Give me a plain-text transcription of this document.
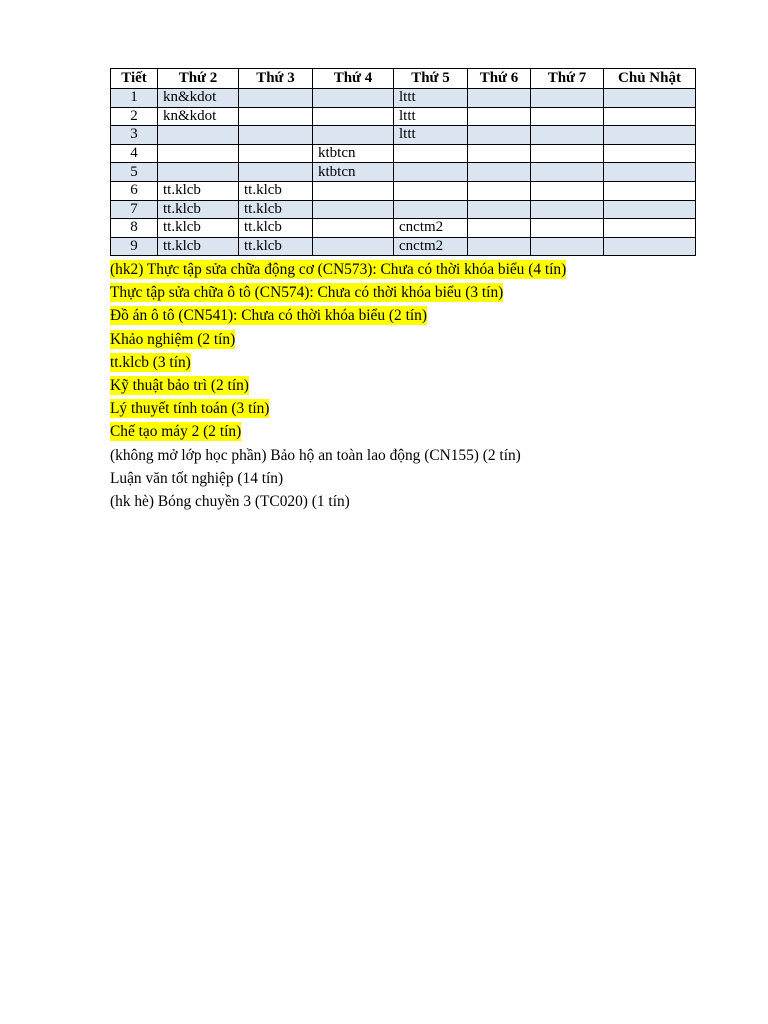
Tiết	Thứ 2	Thứ 3	Thứ 4	Thứ 5	Thứ 6	Thứ 7	Chủ Nhật
1	kn&kdot			lttt			
2	kn&kdot			lttt			
3				lttt			
4			ktbtcn				
5			ktbtcn				
6	tt.klcb	tt.klcb					
7	tt.klcb	tt.klcb					
8	tt.klcb	tt.klcb		cnctm2			
9	tt.klcb	tt.klcb		cnctm2			
(hk2) Thực tập sửa chữa động cơ (CN573): Chưa có thời khóa biểu (4 tín)
Thực tập sửa chữa ô tô (CN574): Chưa có thời khóa biểu (3 tín)
Đồ án ô tô (CN541): Chưa có thời khóa biểu (2 tín)
Khảo nghiệm (2 tín)
tt.klcb (3 tín)
Kỹ thuật bảo trì (2 tín)
Lý thuyết tính toán (3 tín)
Chế tạo máy 2 (2 tín)
(không mở lớp học phần) Bảo hộ an toàn lao động (CN155) (2 tín)
Luận văn tốt nghiệp (14 tín)
(hk hè) Bóng chuyền 3 (TC020) (1 tín)
